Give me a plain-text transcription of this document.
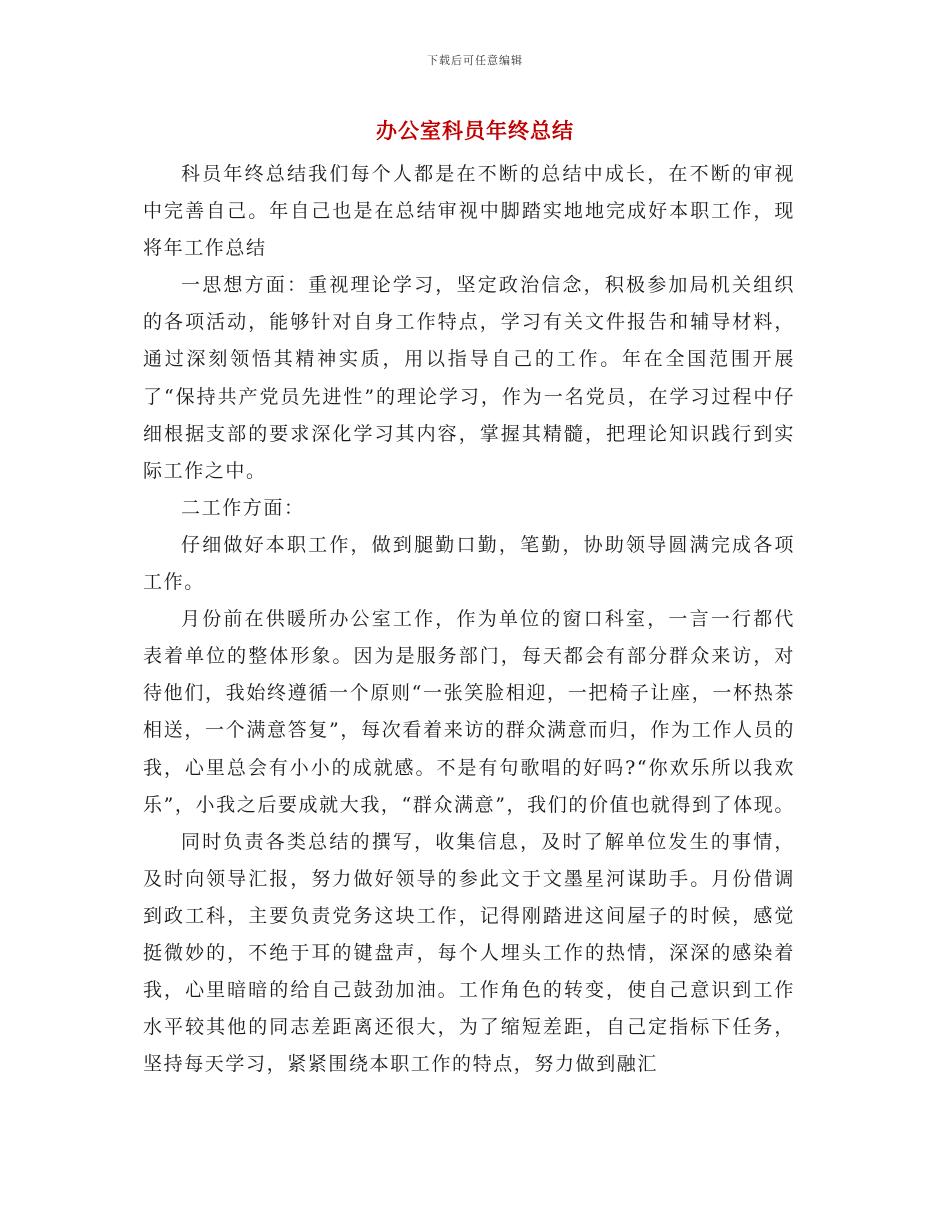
下载后可任意编辑
办公室科员年终总结

科员年终总结我们每个人都是在不断的总结中成长，在不断的审视中完善自己。年自己也是在总结审视中脚踏实地地完成好本职工作，现将年工作总结

一思想方面：重视理论学习，坚定政治信念，积极参加局机关组织的各项活动，能够针对自身工作特点，学习有关文件报告和辅导材料，通过深刻领悟其精神实质，用以指导自己的工作。年在全国范围开展了“保持共产党员先进性”的理论学习，作为一名党员，在学习过程中仔细根据支部的要求深化学习其内容，掌握其精髓，把理论知识践行到实际工作之中。

二工作方面：

仔细做好本职工作，做到腿勤口勤，笔勤，协助领导圆满完成各项工作。

月份前在供暖所办公室工作，作为单位的窗口科室，一言一行都代表着单位的整体形象。因为是服务部门，每天都会有部分群众来访，对待他们，我始终遵循一个原则“一张笑脸相迎，一把椅子让座，一杯热茶相送，一个满意答复”，每次看着来访的群众满意而归，作为工作人员的我，心里总会有小小的成就感。不是有句歌唱的好吗?“你欢乐所以我欢乐”，小我之后要成就大我，“群众满意”，我们的价值也就得到了体现。

同时负责各类总结的撰写，收集信息，及时了解单位发生的事情，及时向领导汇报，努力做好领导的参此文于文墨星河谋助手。月份借调到政工科，主要负责党务这块工作，记得刚踏进这间屋子的时候，感觉挺微妙的，不绝于耳的键盘声，每个人埋头工作的热情，深深的感染着我，心里暗暗的给自己鼓劲加油。工作角色的转变，使自己意识到工作水平较其他的同志差距离还很大，为了缩短差距，自己定指标下任务，坚持每天学习，紧紧围绕本职工作的特点，努力做到融汇
